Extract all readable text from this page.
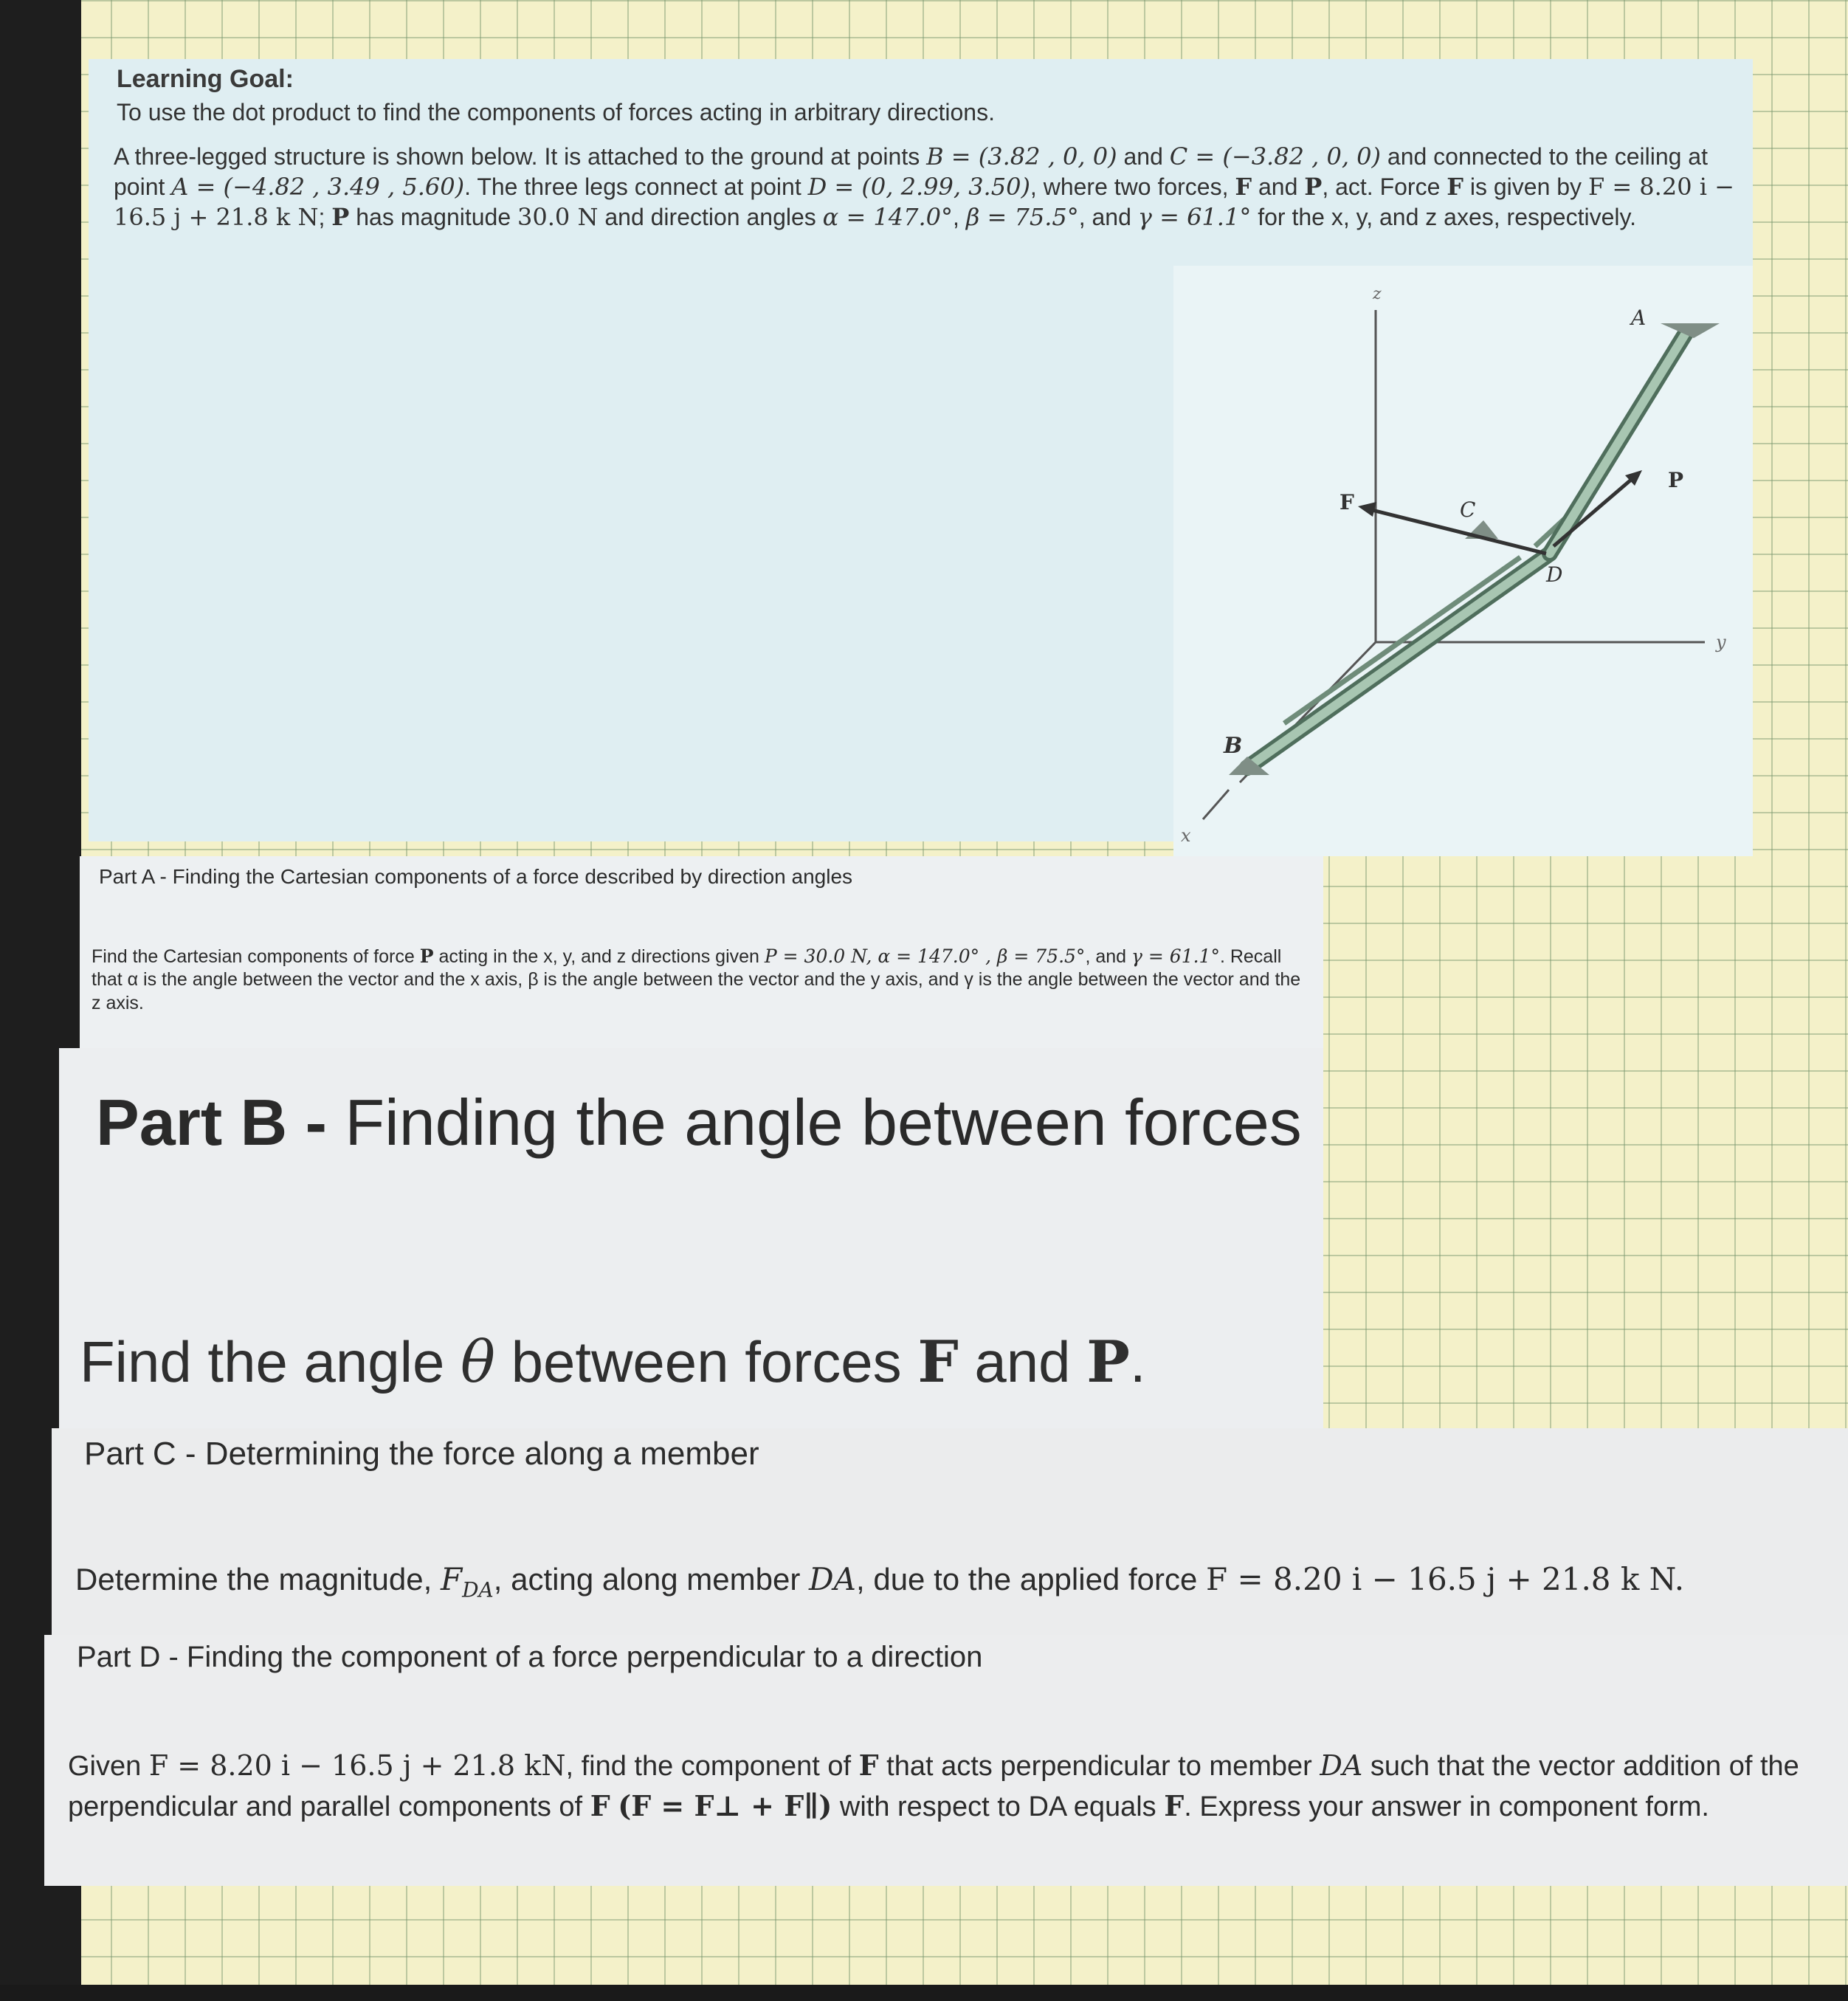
Learning Goal:
To use the dot product to find the components of forces acting in arbitrary directions.
A three-legged structure is shown below. It is attached to the ground at points B = (3.82 , 0, 0) and C = (−3.82 , 0, 0) and connected to the ceiling at point A = (−4.82 , 3.49 , 5.60). The three legs connect at point D = (0, 2.99, 3.50), where two forces, F and P, act. Force F is given by F = 8.20 i − 16.5 j + 21.8 k N; P has magnitude 30.0 N and direction angles α = 147.0°, β = 75.5°, and γ = 61.1° for the x, y, and z axes, respectively.
z
y
x
A
P
F	C
D
B
Part A - Finding the Cartesian components of a force described by direction angles
Find the Cartesian components of force P acting in the x, y, and z directions given P = 30.0 N, α = 147.0° , β = 75.5°, and γ = 61.1°. Recall that α is the angle between the vector and the x axis, β is the angle between the vector and the y axis, and γ is the angle between the vector and the z axis.
Part B - Finding the angle between forces
Find the angle θ between forces F and P.
Part C - Determining the force along a member
Determine the magnitude, $F_{DA}$, acting along member DA, due to the applied force F = 8.20 i − 16.5 j + 21.8 k N.
Part D - Finding the component of a force perpendicular to a direction
Given F = 8.20 i − 16.5 j + 21.8 kN, find the component of F that acts perpendicular to member DA such that the vector addition of the perpendicular and parallel components of F (F = F⊥ + F∥) with respect to DA equals F. Express your answer in component form.
